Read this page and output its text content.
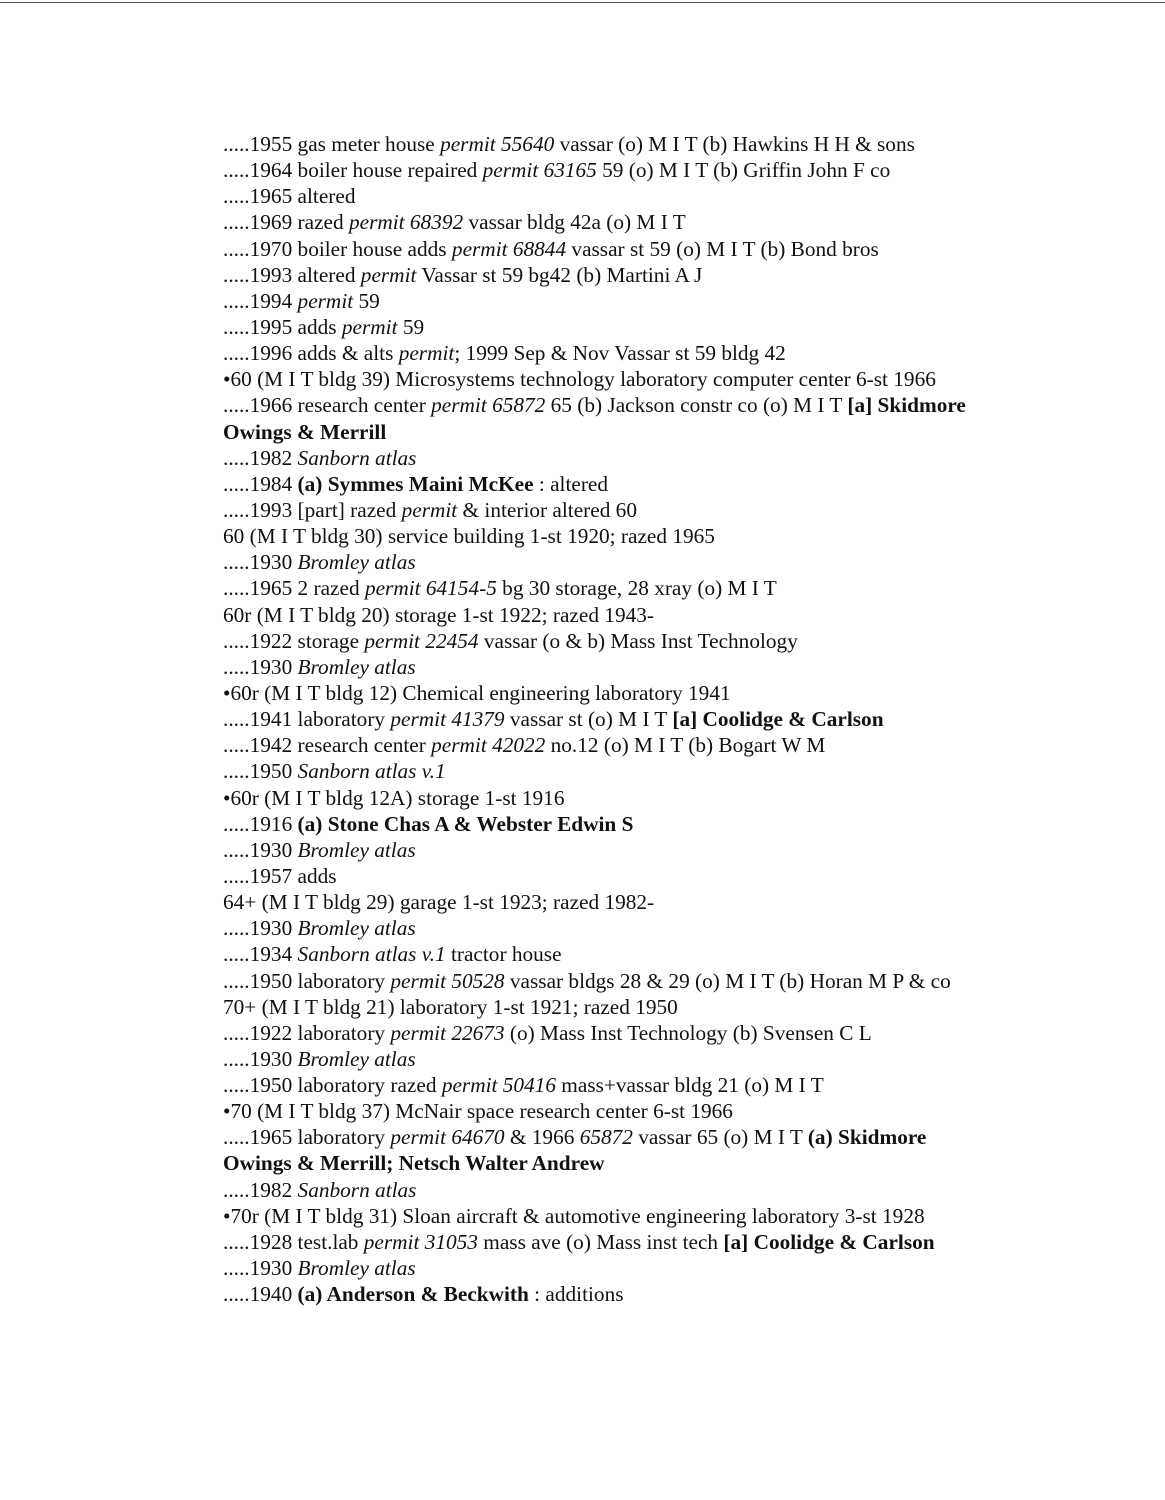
.....1955 gas meter house permit 55640 vassar (o) M I T (b) Hawkins H H & sons
.....1964 boiler house repaired permit 63165 59 (o) M I T (b) Griffin John F co
.....1965 altered
.....1969 razed permit 68392 vassar bldg 42a (o) M I T
.....1970 boiler house adds permit 68844 vassar st 59 (o) M I T (b) Bond bros
.....1993 altered permit Vassar st 59 bg42 (b) Martini A J
.....1994 permit 59
.....1995 adds permit 59
.....1996 adds & alts permit; 1999 Sep & Nov Vassar st 59 bldg 42
•60 (M I T bldg 39) Microsystems technology laboratory computer center 6-st 1966
.....1966 research center permit 65872 65 (b) Jackson constr co (o) M I T [a] Skidmore
Owings & Merrill
.....1982 Sanborn atlas
.....1984 (a) Symmes Maini McKee : altered
.....1993 [part] razed permit & interior altered 60
60 (M I T bldg 30) service building 1-st 1920; razed 1965
.....1930 Bromley atlas
.....1965 2 razed permit 64154-5 bg 30 storage, 28 xray (o) M I T
60r (M I T bldg 20) storage 1-st 1922; razed 1943-
.....1922 storage permit 22454 vassar (o & b) Mass Inst Technology
.....1930 Bromley atlas
•60r (M I T bldg 12) Chemical engineering laboratory 1941
.....1941 laboratory permit 41379 vassar st (o) M I T [a] Coolidge & Carlson
.....1942 research center permit 42022 no.12 (o) M I T (b) Bogart W M
.....1950 Sanborn atlas v.1
•60r (M I T bldg 12A) storage 1-st 1916
.....1916 (a) Stone Chas A & Webster Edwin S
.....1930 Bromley atlas
.....1957 adds
64+ (M I T bldg 29) garage 1-st 1923; razed 1982-
.....1930 Bromley atlas
.....1934 Sanborn atlas v.1 tractor house
.....1950 laboratory permit 50528 vassar bldgs 28 & 29 (o) M I T (b) Horan M P & co
70+ (M I T bldg 21) laboratory 1-st 1921; razed 1950
.....1922 laboratory permit 22673 (o) Mass Inst Technology (b) Svensen C L
.....1930 Bromley atlas
.....1950 laboratory razed permit 50416 mass+vassar bldg 21 (o) M I T
•70 (M I T bldg 37) McNair space research center 6-st 1966
.....1965 laboratory permit 64670 & 1966 65872 vassar 65 (o) M I T (a) Skidmore
Owings & Merrill; Netsch Walter Andrew
.....1982 Sanborn atlas
•70r (M I T bldg 31) Sloan aircraft & automotive engineering laboratory 3-st 1928
.....1928 test.lab permit 31053 mass ave (o) Mass inst tech [a] Coolidge & Carlson
.....1930 Bromley atlas
.....1940 (a) Anderson & Beckwith : additions
